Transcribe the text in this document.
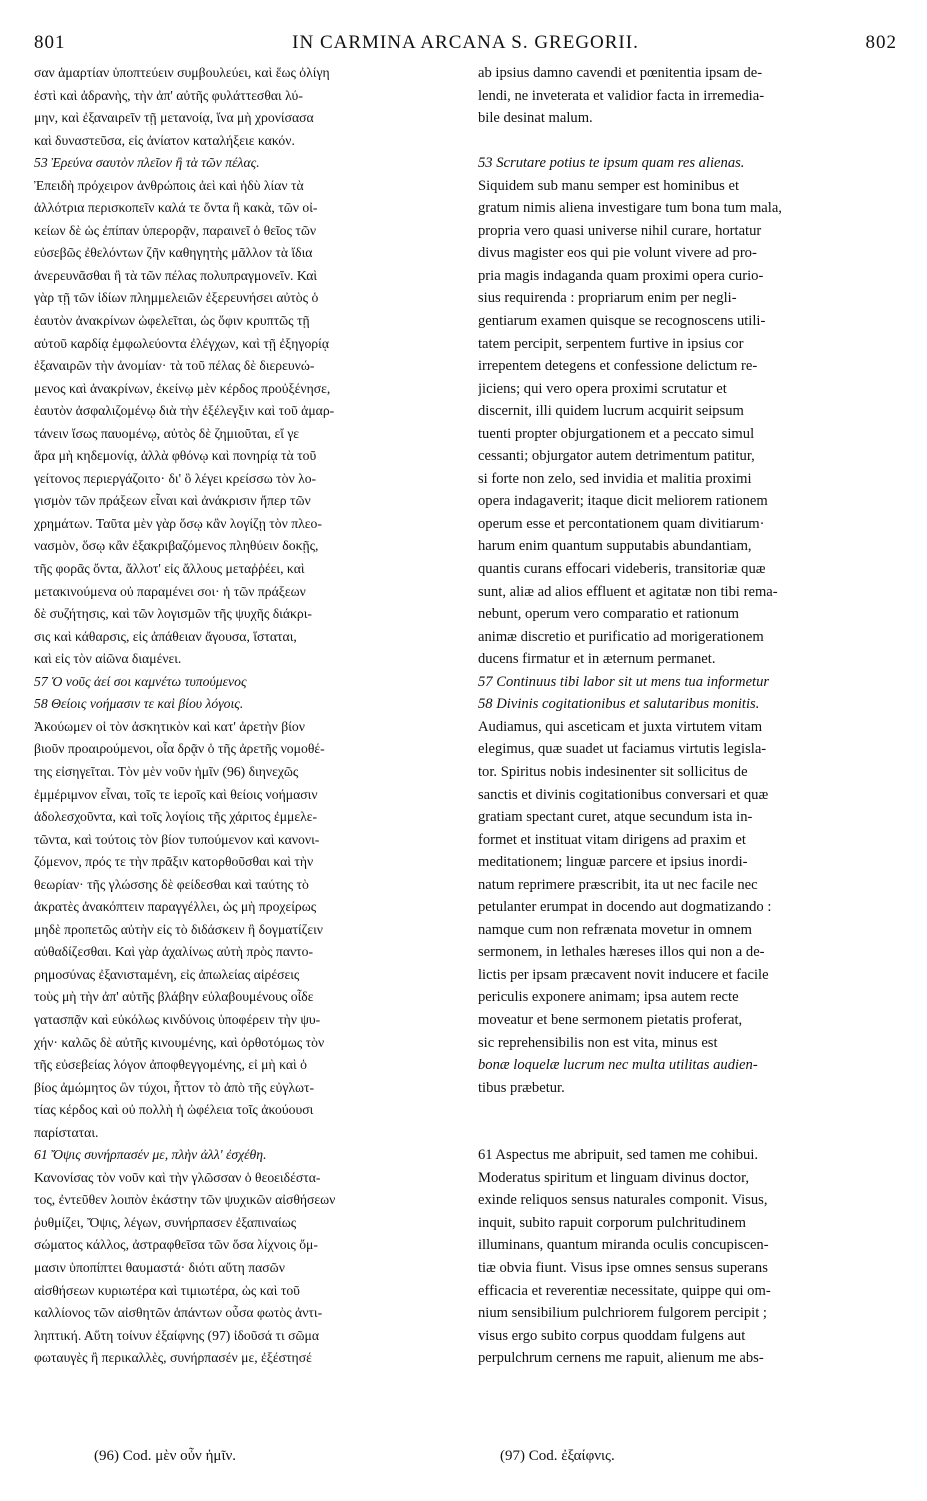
801	IN CARMINA ARCANA S. GREGORII.	802
σαν ἁμαρτίαν ὑποπτεύειν συμβουλεύει, καὶ ἕως ὀλίγη
ἐστὶ καὶ ἀδρανὴς, τὴν ἀπ' αὐτῆς φυλάττεσθαι λύ-
μην, καὶ ἐξαναιρεῖν τῇ μετανοίᾳ, ἵνα μὴ χρονίσασα
καὶ δυναστεῦσα, εἰς ἀνίατον καταλήξειε κακόν.
53 Ἐρεύνα σαυτὸν πλεῖον ἢ τὰ τῶν πέλας.
Ἐπειδὴ πρόχειρον ἀνθρώποις ἀεὶ καὶ ἡδὺ λίαν τὰ
ἀλλότρια περισκοπεῖν καλά τε ὄντα ἢ κακὰ, τῶν οἰ-
κείων δὲ ὡς ἐπίπαν ὑπερορᾷν, παραινεῖ ὁ θεῖος τῶν
εὐσεβῶς ἐθελόντων ζῆν καθηγητὴς μᾶλλον τὰ ἴδια
ἀνερευνᾶσθαι ἢ τὰ τῶν πέλας πολυπραγμονεῖν. Καὶ
γὰρ τῇ τῶν ἰδίων πλημμελειῶν ἐξερευνήσει αὐτὸς ὁ
ἑαυτὸν ἀνακρίνων ὠφελεῖται, ὡς ὄφιν κρυπτῶς τῇ
αὐτοῦ καρδίᾳ ἐμφωλεύοντα ἐλέγχων, καὶ τῇ ἐξηγορίᾳ
ἐξαναιρῶν τὴν ἀνομίαν· τὰ τοῦ πέλας δὲ διερευνώ-
μενος καὶ ἀνακρίνων, ἐκείνῳ μὲν κέρδος προὐξένησε,
ἑαυτὸν ἀσφαλιζομένῳ διὰ τὴν ἐξέλεγξιν καὶ τοῦ ἁμαρ-
τάνειν ἴσως παυομένῳ, αὐτὸς δὲ ζημιοῦται, εἴ γε
ἄρα μὴ κηδεμονίᾳ, ἀλλὰ φθόνῳ καὶ πονηρίᾳ τὰ τοῦ
γείτονος περιεργάζοιτο· δι' ὃ λέγει κρείσσω τὸν λο-
γισμὸν τῶν πράξεων εἶναι καὶ ἀνάκρισιν ἤπερ τῶν
χρημάτων. Ταῦτα μὲν γὰρ ὅσῳ κἂν λογίζῃ τὸν πλεο-
νασμὸν, ὅσῳ κἂν ἐξακριβαζόμενος πληθύειν δοκῇς,
τῆς φορᾶς ὄντα, ἄλλοτ' εἰς ἄλλους μεταῤῥέει, καὶ
μετακινούμενα οὐ παραμένει σοι· ἡ τῶν πράξεων
δὲ συζήτησις, καὶ τῶν λογισμῶν τῆς ψυχῆς διάκρι-
σις καὶ κάθαρσις, εἰς ἀπάθειαν ἄγουσα, ἵσταται,
καὶ εἰς τὸν αἰῶνα διαμένει.
57 Ὁ νοῦς ἀεί σοι καμνέτω τυπούμενος
58 Θείοις νοήμασιν τε καὶ βίου λόγοις.
Ἀκούωμεν οἱ τὸν ἀσκητικὸν καὶ κατ' ἀρετὴν βίον
βιοῦν προαιρούμενοι, οἷα δρᾷν ὁ τῆς ἀρετῆς νομοθέ-
της εἰσηγεῖται. Τὸν μὲν νοῦν ἡμῖν (96) διηνεχῶς
ἐμμέριμνον εἶναι, τοῖς τε ἱεροῖς καὶ θείοις νοήμασιν
ἀδολεσχοῦντα, καὶ τοῖς λογίοις τῆς χάριτος ἐμμελε-
τῶντα, καὶ τούτοις τὸν βίον τυπούμενον καὶ κανονι-
ζόμενον, πρός τε τὴν πρᾶξιν κατορθοῦσθαι καὶ τὴν
θεωρίαν· τῆς γλώσσης δὲ φείδεσθαι καὶ ταύτης τὸ
ἀκρατὲς ἀνακόπτειν παραγγέλλει, ὡς μὴ προχείρως
μηδὲ προπετῶς αὐτὴν εἰς τὸ διδάσκειν ἢ δογματίζειν
αὐθαδίζεσθαι. Καὶ γὰρ ἀχαλίνως αὐτὴ πρὸς παντο-
ρημοσύνας ἐξανισταμένη, εἰς ἀπωλείας αἱρέσεις
τοὺς μὴ τὴν ἀπ' αὐτῆς βλάβην εὐλαβουμένους οἶδε
γατασπᾷν καὶ εὐκόλως κινδύνοις ὑποφέρειν τὴν ψυ-
χήν· καλῶς δὲ αὐτῆς κινουμένης, καὶ ὀρθοτόμως τὸν
τῆς εὐσεβείας λόγον ἀποφθεγγομένης, εἰ μὴ καὶ ὁ
βίος ἀμώμητος ὢν τύχοι, ἧττον τὸ ἀπὸ τῆς εὐγλωτ-
τίας κέρδος καὶ οὐ πολλὴ ἡ ὠφέλεια τοῖς ἀκούουσι
παρίσταται.
61 Ὄψις συνήρπασέν με, πλὴν ἀλλ' ἐσχέθη.
Κανονίσας τὸν νοῦν καὶ τὴν γλῶσσαν ὁ θεοειδέστα-
τος, ἐντεῦθεν λοιπὸν ἑκάστην τῶν ψυχικῶν αἰσθήσεων
ῥυθμίζει, Ὄψις, λέγων, συνήρπασεν ἐξαπιναίως
σώματος κάλλος, ἀστραφθεῖσα τῶν ὅσα λίχνοις ὄμ-
μασιν ὑποπίπτει θαυμαστά· διότι αὕτη πασῶν
αἰσθήσεων κυριωτέρα καὶ τιμιωτέρα, ὡς καὶ τοῦ
καλλίονος τῶν αἰσθητῶν ἁπάντων οὖσα φωτὸς ἀντι-
ληπτική. Αὕτη τοίνυν ἐξαίφνης (97) ἰδοῦσά τι σῶμα
φωταυγὲς ἢ περικαλλὲς, συνήρπασέν με, ἐξέστησέ
ab ipsius damno cavendi et pœnitentia ipsam de-
lendi, ne inveterata et validior facta in irremedia-
bile desinat malum.
53 Scrutare potius te ipsum quam res alienas.
Siquidem sub manu semper est hominibus et
gratum nimis aliena investigare tum bona tum mala,
propria vero quasi universe nihil curare, hortatur
divus magister eos qui pie volunt vivere ad pro-
pria magis indaganda quam proximi opera curio-
sius requirenda : propriarum enim per negli-
gentiarum examen quisque se recognoscens utili-
tatem percipit, serpentem furtive in ipsius cor
irrepentem detegens et confessione delictum re-
jiciens; qui vero opera proximi scrutatur et
discernit, illi quidem lucrum acquirit seipsum
tuenti propter objurgationem et a peccato simul
cessanti; objurgator autem detrimentum patitur,
si forte non zelo, sed invidia et malitia proximi
opera indagaverit; itaque dicit meliorem rationem
operum esse et percontationem quam divitiarum·
harum enim quantum supputabis abundantiam,
quantis curans effocari videberis, transitoriæ quæ
sunt, aliæ ad alios effluent et agitatæ non tibi rema-
nebunt, operum vero comparatio et rationum
animæ discretio et purificatio ad morigerationem
ducens firmatur et in æternum permanet.
57 Continuus tibi labor sit ut mens tua informetur
58 Divinis cogitationibus et salutaribus monitis.
Audiamus, qui asceticam et juxta virtutem vitam
elegimus, quæ suadet ut faciamus virtutis legisla-
tor. Spiritus nobis indesinenter sit sollicitus de
sanctis et divinis cogitationibus conversari et quæ
gratiam spectant curet, atque secundum ista in-
formet et instituat vitam dirigens ad praxim et
meditationem; linguæ parcere et ipsius inordi-
natum reprimere præscribit, ita ut nec facile nec
petulanter erumpat in docendo aut dogmatizando :
namque cum non refrænata movetur in omnem
sermonem, in lethales hæreses illos qui non a de-
lictis per ipsam præcavent novit inducere et facile
periculis exponere animam; ipsa autem recte
moveatur et bene sermonem pietatis proferat,
sic reprehensibilis non est vita, minus est
bonæ loquelæ lucrum nec multa utilitas audien-
tibus præbetur.
61 Aspectus me abripuit, sed tamen me cohibui.
Moderatus spiritum et linguam divinus doctor,
exinde reliquos sensus naturales componit. Visus,
inquit, subito rapuit corporum pulchritudinem
illuminans, quantum miranda oculis concupiscen-
tiæ obvia fiunt. Visus ipse omnes sensus superans
efficacia et reverentiæ necessitate, quippe qui om-
nium sensibilium pulchriorem fulgorem percipit ;
visus ergo subito corpus quoddam fulgens aut
perpulchrum cernens me rapuit, alienum me abs-
(96) Cod. μὲν οὖν ἡμῖν.	(97) Cod. ἐξαίφνις.
